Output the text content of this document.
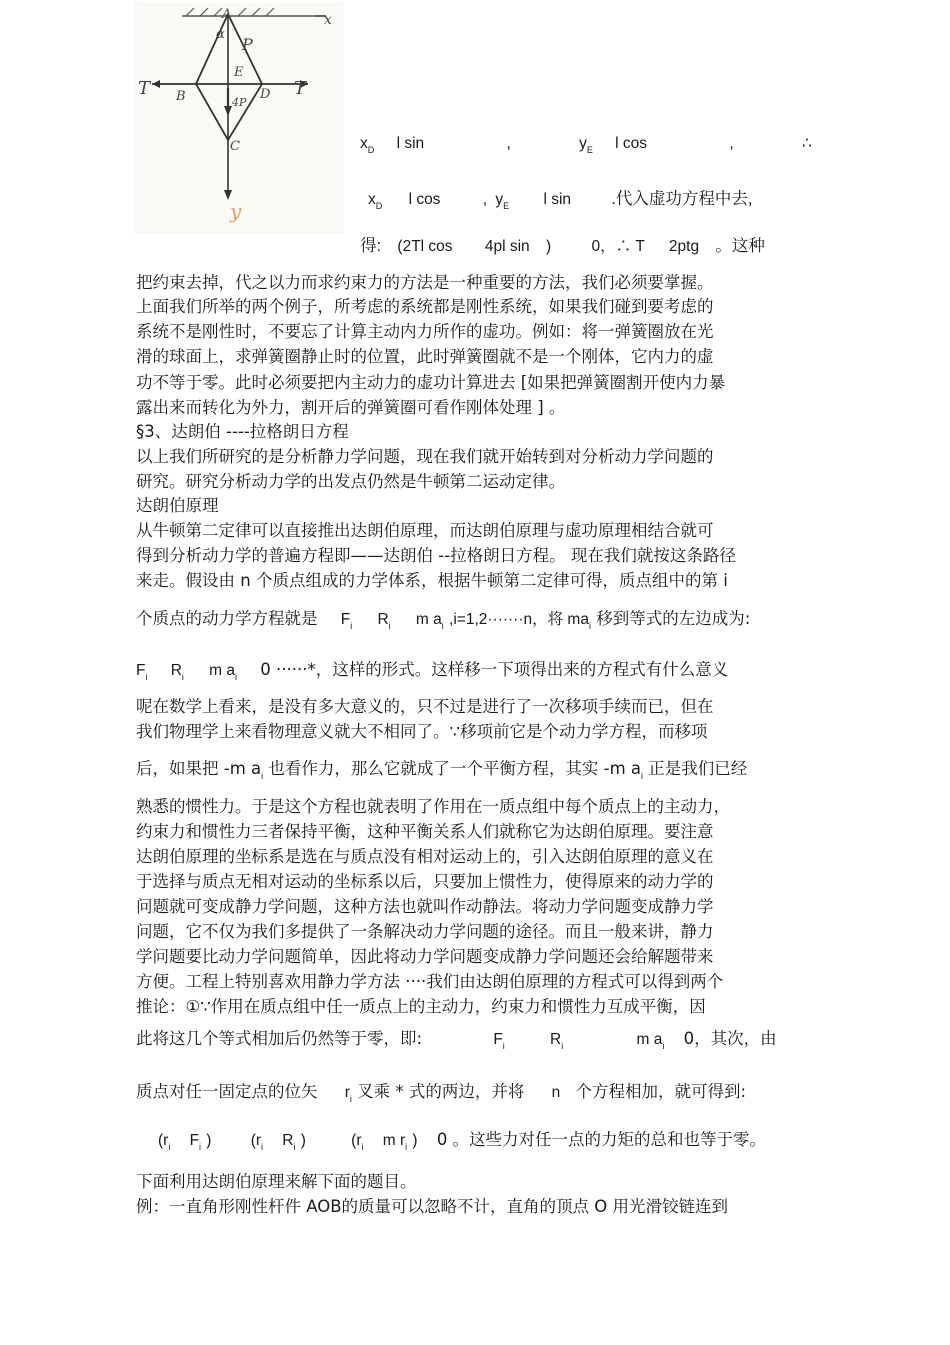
x
A
α
P
E
B	D
4P
C
T	T
y
$x_D$ l sin	,	$y_E$ l cos	,	∴
$x_D$ l cos	, $y_E$ l sin .代入虚功方程中去,
得: (2Tl cos 4pl sin )	0，∴ T 2ptg 。这种
把约束去掉，代之以力而求约束力的方法是一种重要的方法，我们必须要掌握。
上面我们所举的两个例子，所考虑的系统都是刚性系统，如果我们碰到要考虑的
系统不是刚性时，不要忘了计算主动内力所作的虚功。例如：将一弹簧圈放在光
滑的球面上，求弹簧圈静止时的位置，此时弹簧圈就不是一个刚体，它内力的虚
功不等于零。此时必须要把内主动力的虚功计算进去 [如果把弹簧圈割开使内力暴
露出来而转化为外力，割开后的弹簧圈可看作刚体处理 ] 。
§3、达朗伯 ----拉格朗日方程
以上我们所研究的是分析静力学问题，现在我们就开始转到对分析动力学问题的
研究。研究分析动力学的出发点仍然是牛顿第二运动定律。
达朗伯原理
从牛顿第二定律可以直接推出达朗伯原理，而达朗伯原理与虚功原理相结合就可
得到分析动力学的普遍方程即——达朗伯 --拉格朗日方程。 现在我们就按这条路径
来走。假设由 n 个质点组成的力学体系，根据牛顿第二定律可得，质点组中的第 i
个质点的动力学方程就是 $F_i$ $R_i$ m $a_i$ ,i=1,2·······n，将 $ma_i$ 移到等式的左边成为:
$F_i$ $R_i$ m $a_i$ 0 ······*，这样的形式。这样移一下项得出来的方程式有什么意义
呢在数学上看来，是没有多大意义的，只不过是进行了一次移项手续而已，但在
我们物理学上来看物理意义就大不相同了。∵移项前它是个动力学方程，而移项
后，如果把 -m $a_i$ 也看作力，那么它就成了一个平衡方程，其实 -m $a_i$ 正是我们已经
熟悉的惯性力。于是这个方程也就表明了作用在一质点组中每个质点上的主动力，
约束力和惯性力三者保持平衡，这种平衡关系人们就称它为达朗伯原理。要注意
达朗伯原理的坐标系是选在与质点没有相对运动上的，引入达朗伯原理的意义在
于选择与质点无相对运动的坐标系以后，只要加上惯性力，使得原来的动力学的
问题就可变成静力学问题，这种方法也就叫作动静法。将动力学问题变成静力学
问题，它不仅为我们多提供了一条解决动力学问题的途径。而且一般来讲，静力
学问题要比动力学问题简单，因此将动力学问题变成静力学问题还会给解题带来
方便。工程上特别喜欢用静力学方法 ····我们由达朗伯原理的方程式可以得到两个
推论：①∵作用在质点组中任一质点上的主动力，约束力和惯性力互成平衡，因
此将这几个等式相加后仍然等于零，即:	$F_i$	$R_i$	m $a_i$ 0，其次，由
质点对任一固定点的位矢 $r_i$ 叉乘 * 式的两边，并将 n 个方程相加，就可得到:
($r_i$ $F_i$ )	($r_i$ $R_i$ )	($r_i$ m $r_i$ ) 0 。这些力对任一点的力矩的总和也等于零。
下面利用达朗伯原理来解下面的题目。
例：一直角形刚性杆件 AOB的质量可以忽略不计，直角的顶点 O 用光滑铰链连到
